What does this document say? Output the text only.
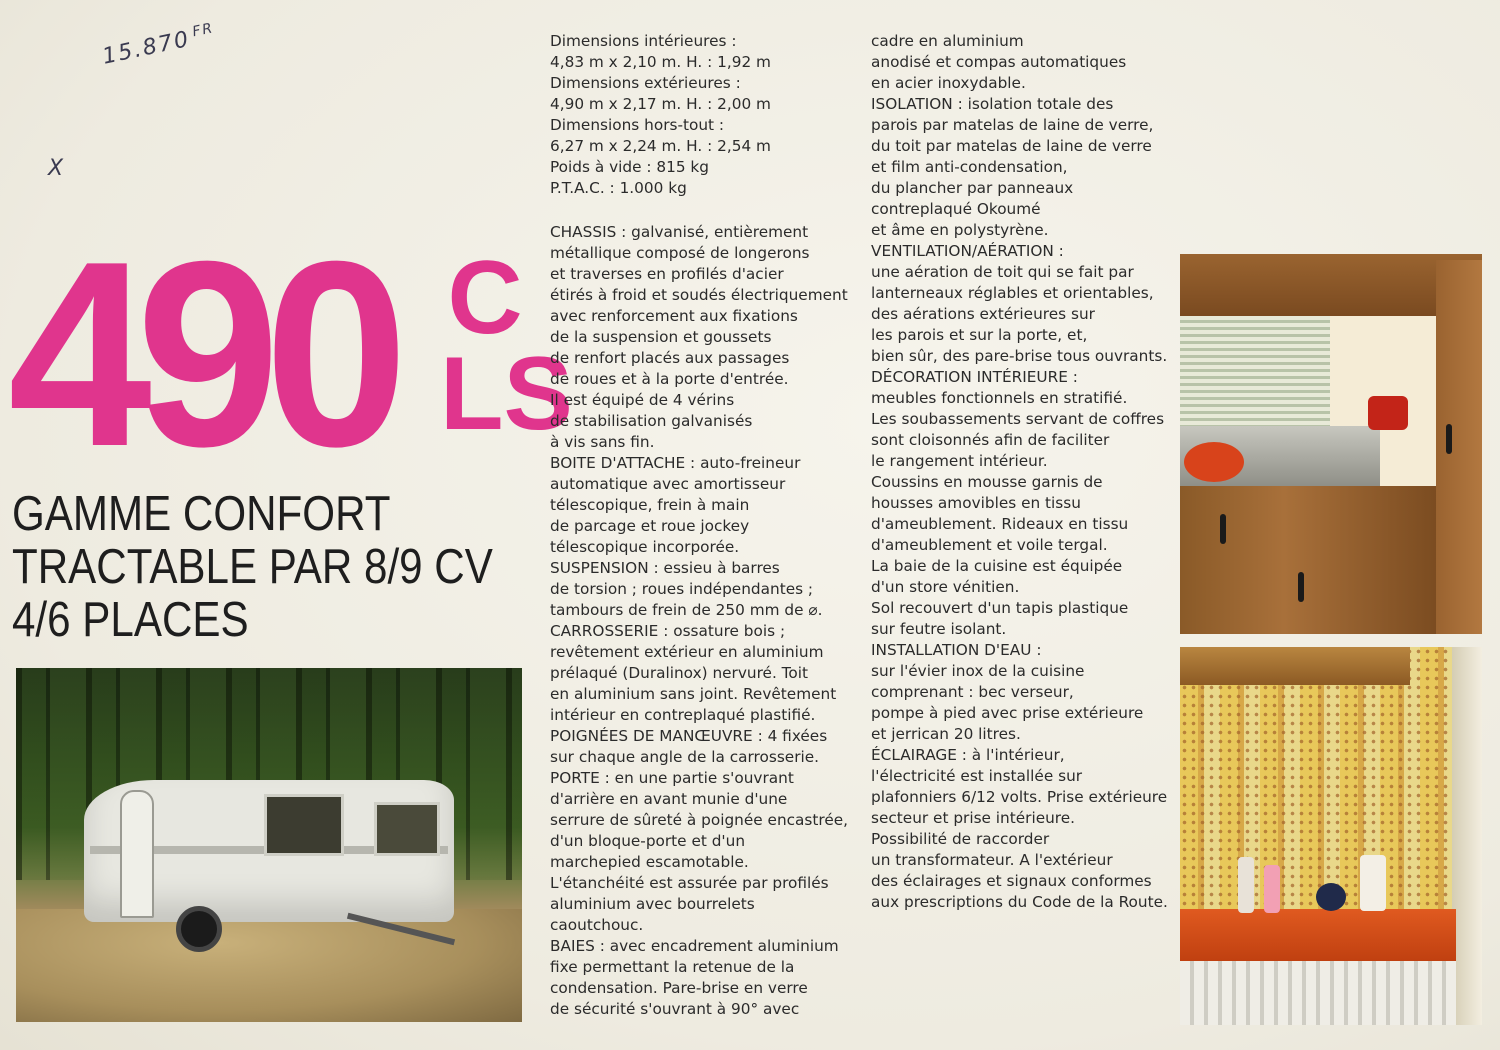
$15.870^{FR}$
X
490 C
LS
GAMME CONFORT
TRACTABLE PAR 8/9 CV
4/6 PLACES
Dimensions intérieures :
4,83 m x 2,10 m. H. : 1,92 m
Dimensions extérieures :
4,90 m x 2,17 m. H. : 2,00 m
Dimensions hors-tout :
6,27 m x 2,24 m. H. : 2,54 m
Poids à vide : 815 kg
P.T.A.C. : 1.000 kg
CHASSIS : galvanisé, entièrement
métallique composé de longerons
et traverses en profilés d'acier
étirés à froid et soudés électriquement
avec renforcement aux fixations
de la suspension et goussets
de renfort placés aux passages
de roues et à la porte d'entrée.
Il est équipé de 4 vérins
de stabilisation galvanisés
à vis sans fin.
BOITE D'ATTACHE : auto-freineur
automatique avec amortisseur
télescopique, frein à main
de parcage et roue jockey
télescopique incorporée.
SUSPENSION : essieu à barres
de torsion ; roues indépendantes ;
tambours de frein de 250 mm de ⌀.
CARROSSERIE : ossature bois ;
revêtement extérieur en aluminium
prélaqué (Duralinox) nervuré. Toit
en aluminium sans joint. Revêtement
intérieur en contreplaqué plastifié.
POIGNÉES DE MANŒUVRE : 4 fixées
sur chaque angle de la carrosserie.
PORTE : en une partie s'ouvrant
d'arrière en avant munie d'une
serrure de sûreté à poignée encastrée,
d'un bloque-porte et d'un
marchepied escamotable.
L'étanchéité est assurée par profilés
aluminium avec bourrelets
caoutchouc.
BAIES : avec encadrement aluminium
fixe permettant la retenue de la
condensation. Pare-brise en verre
de sécurité s'ouvrant à 90° avec
cadre en aluminium
anodisé et compas automatiques
en acier inoxydable.
ISOLATION : isolation totale des
parois par matelas de laine de verre,
du toit par matelas de laine de verre
et film anti-condensation,
du plancher par panneaux
contreplaqué Okoumé
et âme en polystyrène.
VENTILATION/AÉRATION :
une aération de toit qui se fait par
lanterneaux réglables et orientables,
des aérations extérieures sur
les parois et sur la porte, et,
bien sûr, des pare-brise tous ouvrants.
DÉCORATION INTÉRIEURE :
meubles fonctionnels en stratifié.
Les soubassements servant de coffres
sont cloisonnés afin de faciliter
le rangement intérieur.
Coussins en mousse garnis de
housses amovibles en tissu
d'ameublement. Rideaux en tissu
d'ameublement et voile tergal.
La baie de la cuisine est équipée
d'un store vénitien.
Sol recouvert d'un tapis plastique
sur feutre isolant.
INSTALLATION D'EAU :
sur l'évier inox de la cuisine
comprenant : bec verseur,
pompe à pied avec prise extérieure
et jerrican 20 litres.
ÉCLAIRAGE : à l'intérieur,
l'électricité est installée sur
plafonniers 6/12 volts. Prise extérieure
secteur et prise intérieure.
Possibilité de raccorder
un transformateur. A l'extérieur
des éclairages et signaux conformes
aux prescriptions du Code de la Route.
